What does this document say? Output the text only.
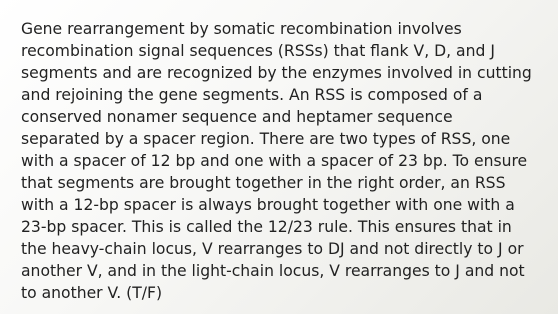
Gene rearrangement by somatic recombination involves
recombination signal sequences (RSSs) that flank V, D, and J
segments and are recognized by the enzymes involved in cutting
and rejoining the gene segments. An RSS is composed of a
conserved nonamer sequence and heptamer sequence
separated by a spacer region. There are two types of RSS, one
with a spacer of 12 bp and one with a spacer of 23 bp. To ensure
that segments are brought together in the right order, an RSS
with a 12-bp spacer is always brought together with one with a
23-bp spacer. This is called the 12/23 rule. This ensures that in
the heavy-chain locus, V rearranges to DJ and not directly to J or
another V, and in the light-chain locus, V rearranges to J and not
to another V. (T/F)
